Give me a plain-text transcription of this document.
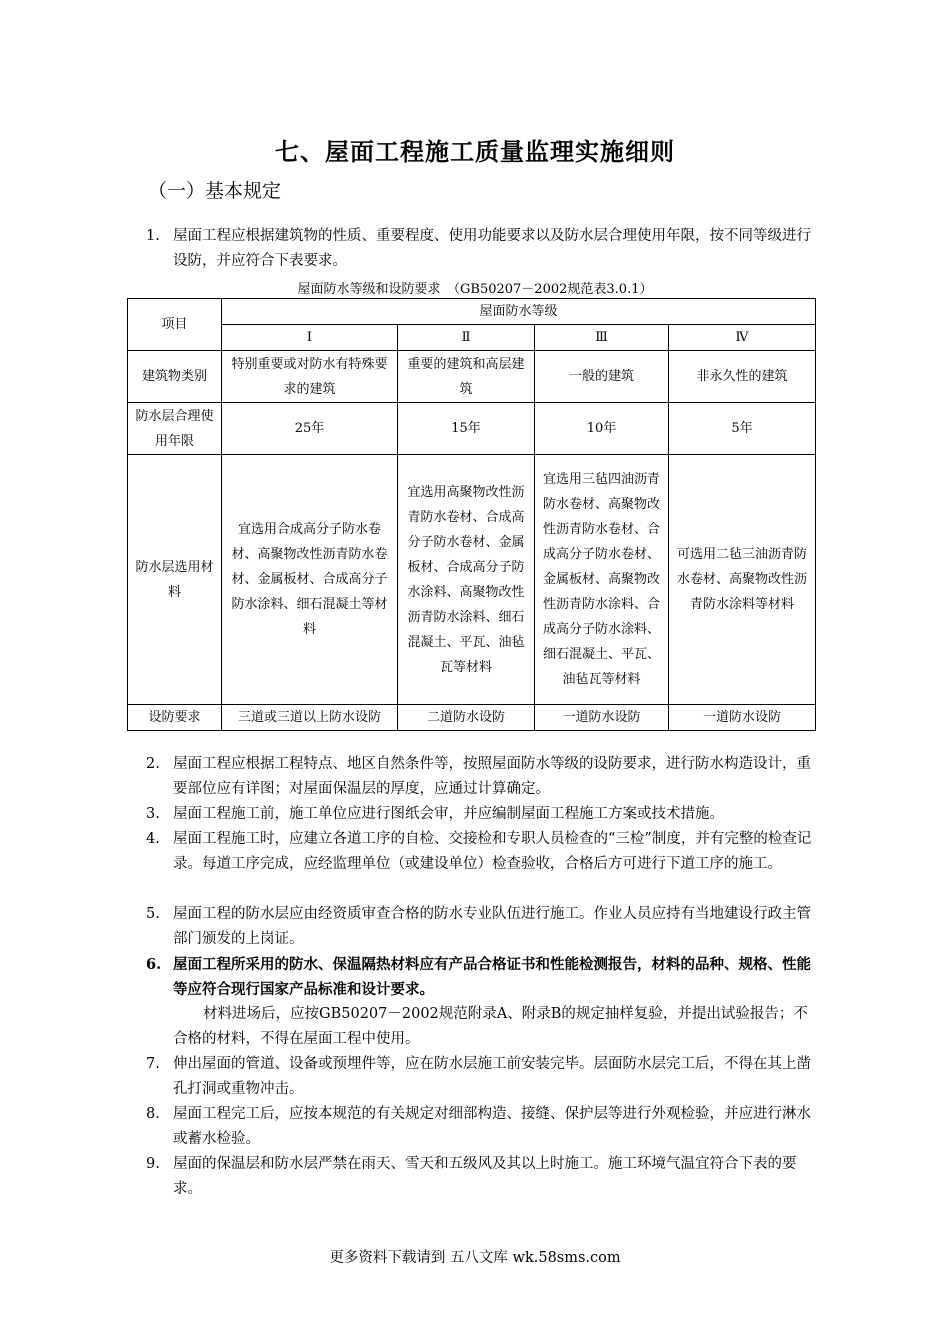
七、屋面工程施工质量监理实施细则
（一）基本规定
1. 屋面工程应根据建筑物的性质、重要程度、使用功能要求以及防水层合理使用年限，按不同等级进行设防，并应符合下表要求。
屋面防水等级和设防要求　（GB50207－2002规范表3.0.1）
项目	屋面防水等级			
	Ⅰ	Ⅱ	Ⅲ	Ⅳ
建筑物类别	特别重要或对防水有特殊要求的建筑	重要的建筑和高层建筑	一般的建筑	非永久性的建筑
防水层合理使用年限	25年	15年	10年	5年
防水层选用材料	宜选用合成高分子防水卷材、高聚物改性沥青防水卷材、金属板材、合成高分子防水涂料、细石混凝土等材料	宜选用高聚物改性沥青防水卷材、合成高分子防水卷材、金属板材、合成高分子防水涂料、高聚物改性沥青防水涂料、细石混凝土、平瓦、油毡瓦等材料	宜选用三毡四油沥青防水卷材、高聚物改性沥青防水卷材、合成高分子防水卷材、金属板材、高聚物改性沥青防水涂料、合成高分子防水涂料、细石混凝土、平瓦、油毡瓦等材料	可选用二毡三油沥青防水卷材、高聚物改性沥青防水涂料等材料
设防要求	三道或三道以上防水设防	二道防水设防	一道防水设防	一道防水设防
2. 屋面工程应根据工程特点、地区自然条件等，按照屋面防水等级的设防要求，进行防水构造设计，重要部位应有详图；对屋面保温层的厚度，应通过计算确定。
3. 屋面工程施工前，施工单位应进行图纸会审，并应编制屋面工程施工方案或技术措施。
4. 屋面工程施工时，应建立各道工序的自检、交接检和专职人员检查的“三检”制度，并有完整的检查记录。每道工序完成，应经监理单位（或建设单位）检查验收，合格后方可进行下道工序的施工。
5. 屋面工程的防水层应由经资质审查合格的防水专业队伍进行施工。作业人员应持有当地建设行政主管部门颁发的上岗证。
6. 屋面工程所采用的防水、保温隔热材料应有产品合格证书和性能检测报告，材料的品种、规格、性能等应符合现行国家产品标准和设计要求。
材料进场后，应按GB50207－2002规范附录A、附录B的规定抽样复验，并提出试验报告；不合格的材料，不得在屋面工程中使用。
7. 伸出屋面的管道、设备或预埋件等，应在防水层施工前安装完毕。层面防水层完工后，不得在其上凿孔打洞或重物冲击。
8. 屋面工程完工后，应按本规范的有关规定对细部构造、接缝、保护层等进行外观检验，并应进行淋水或蓄水检验。
9. 屋面的保温层和防水层严禁在雨天、雪天和五级风及其以上时施工。施工环境气温宜符合下表的要求。
更多资料下载请到 五八文库 wk.58sms.com
